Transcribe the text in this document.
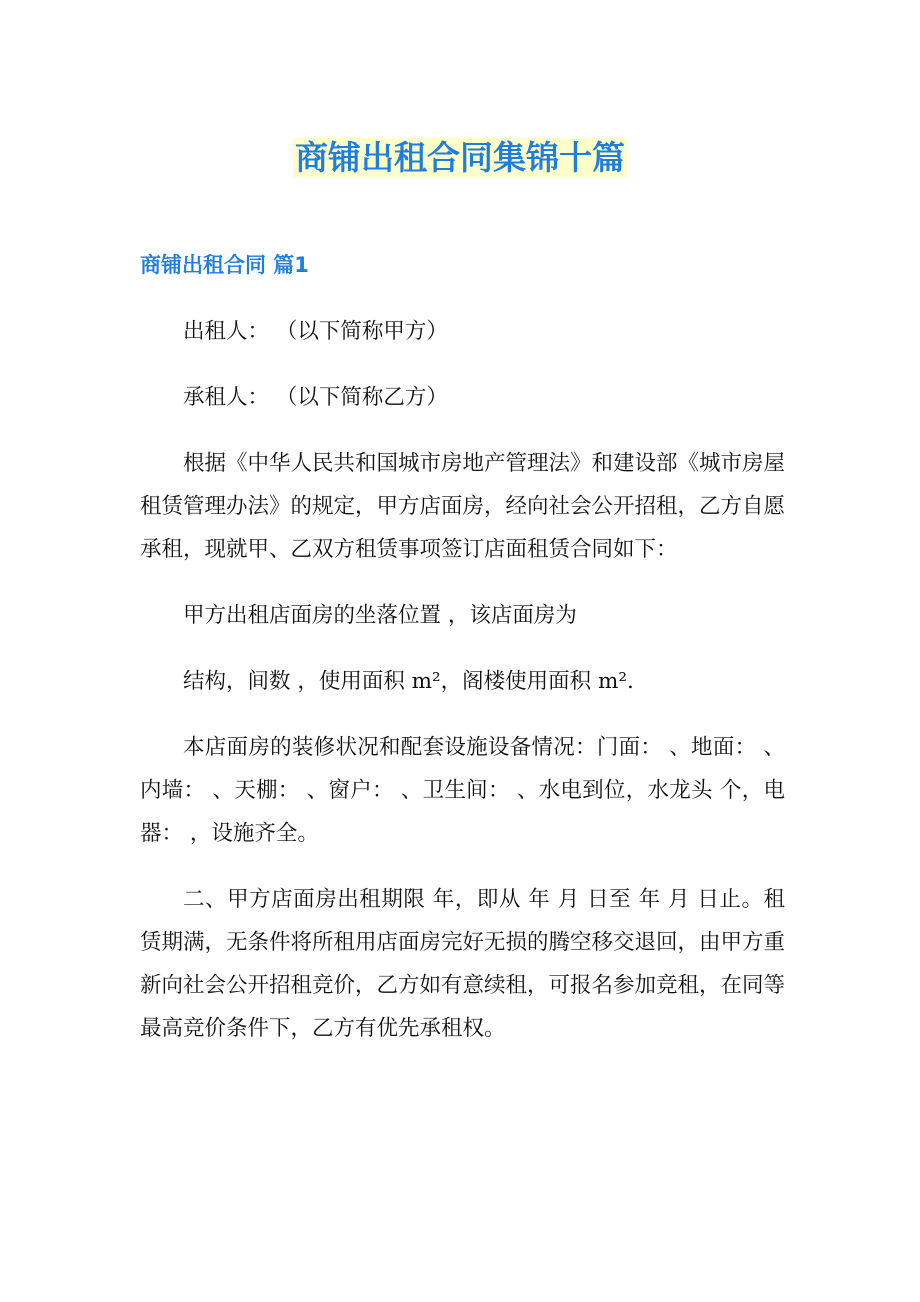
商铺出租合同集锦十篇
商铺出租合同 篇1

出租人： （以下简称甲方）

承租人： （以下简称乙方）

根据《中华人民共和国城市房地产管理法》和建设部《城市房屋租赁管理办法》的规定，甲方店面房，经向社会公开招租，乙方自愿承租，现就甲、乙双方租赁事项签订店面租赁合同如下：

甲方出租店面房的坐落位置 ，该店面房为

结构，间数 ，使用面积 m²，阁楼使用面积 m².

本店面房的装修状况和配套设施设备情况：门面： 、地面： 、内墙： 、天棚： 、窗户： 、卫生间： 、水电到位，水龙头 个，电器： ，设施齐全。

二、甲方店面房出租期限 年，即从 年 月 日至 年 月 日止。租赁期满，无条件将所租用店面房完好无损的腾空移交退回，由甲方重新向社会公开招租竞价，乙方如有意续租，可报名参加竞租，在同等最高竞价条件下，乙方有优先承租权。
